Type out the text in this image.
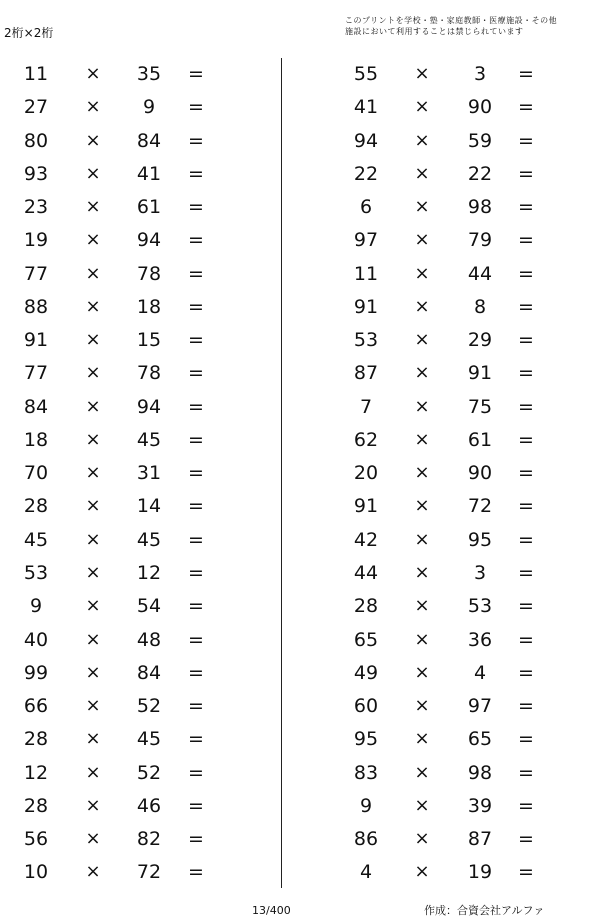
2桁×2桁
このプリントを学校・塾・家庭教師・医療施設・その他
施設において利用することは禁じられています
11	×	35	=
27	×	9	=
80	×	84	=
93	×	41	=
23	×	61	=
19	×	94	=
77	×	78	=
88	×	18	=
91	×	15	=
77	×	78	=
84	×	94	=
18	×	45	=
70	×	31	=
28	×	14	=
45	×	45	=
53	×	12	=
9	×	54	=
40	×	48	=
99	×	84	=
66	×	52	=
28	×	45	=
12	×	52	=
28	×	46	=
56	×	82	=
10	×	72	=
55	×	3	=
41	×	90	=
94	×	59	=
22	×	22	=
6	×	98	=
97	×	79	=
11	×	44	=
91	×	8	=
53	×	29	=
87	×	91	=
7	×	75	=
62	×	61	=
20	×	90	=
91	×	72	=
42	×	95	=
44	×	3	=
28	×	53	=
65	×	36	=
49	×	4	=
60	×	97	=
95	×	65	=
83	×	98	=
9	×	39	=
86	×	87	=
4	×	19	=
13/400	作成：合資会社アルファ
